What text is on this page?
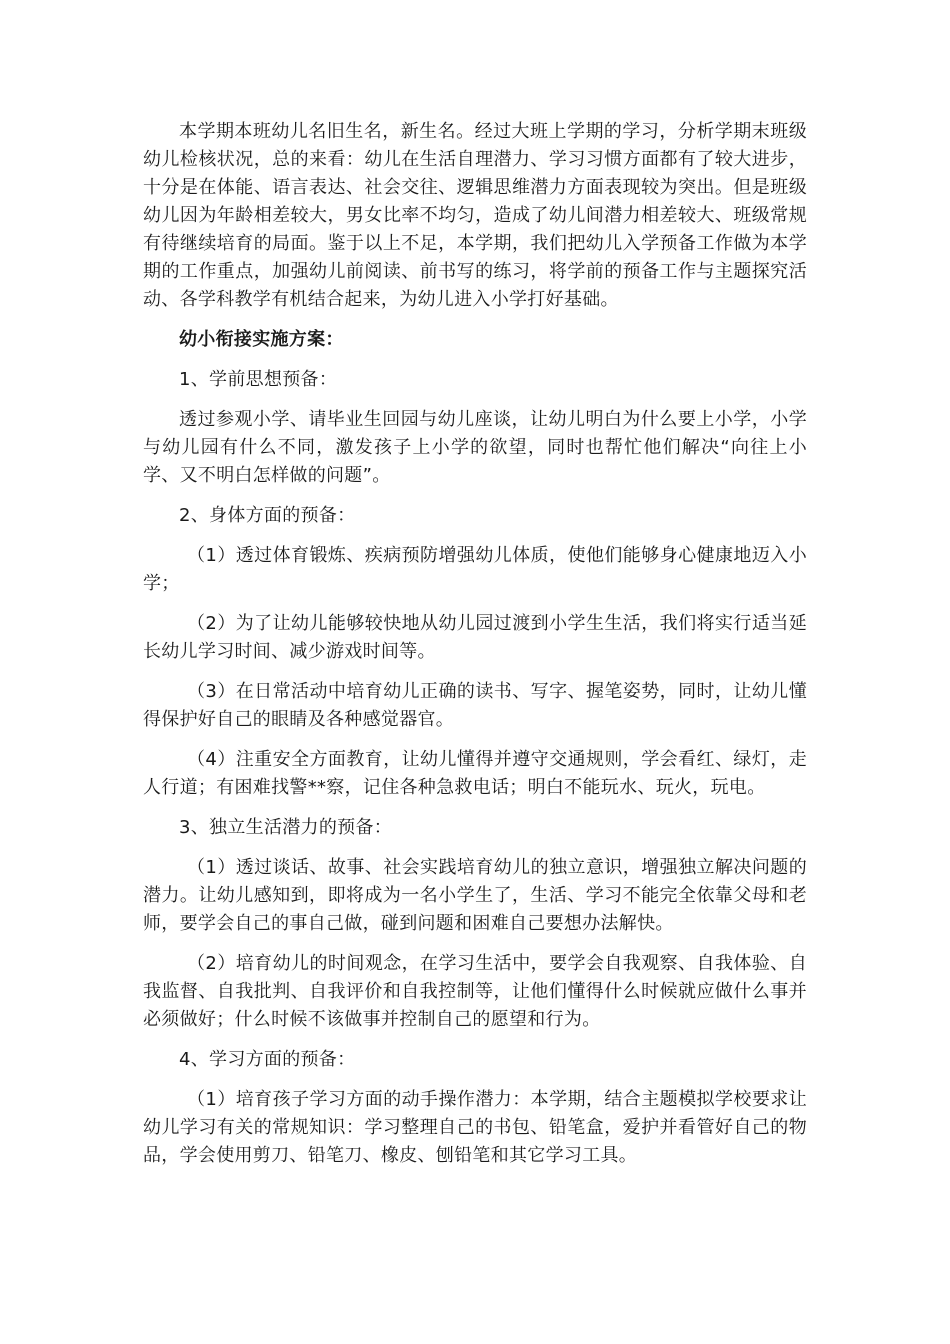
本学期本班幼儿名旧生名，新生名。经过大班上学期的学习，分析学期末班级幼儿检核状况，总的来看：幼儿在生活自理潜力、学习习惯方面都有了较大进步，十分是在体能、语言表达、社会交往、逻辑思维潜力方面表现较为突出。但是班级幼儿因为年龄相差较大，男女比率不均匀，造成了幼儿间潜力相差较大、班级常规有待继续培育的局面。鉴于以上不足，本学期，我们把幼儿入学预备工作做为本学期的工作重点，加强幼儿前阅读、前书写的练习，将学前的预备工作与主题探究活动、各学科教学有机结合起来，为幼儿进入小学打好基础。

幼小衔接实施方案：

1、学前思想预备：

透过参观小学、请毕业生回园与幼儿座谈，让幼儿明白为什么要上小学，小学与幼儿园有什么不同，激发孩子上小学的欲望，同时也帮忙他们解决“向往上小学、又不明白怎样做的问题”。

2、身体方面的预备：

（1）透过体育锻炼、疾病预防增强幼儿体质，使他们能够身心健康地迈入小学；

（2）为了让幼儿能够较快地从幼儿园过渡到小学生生活，我们将实行适当延长幼儿学习时间、减少游戏时间等。

（3）在日常活动中培育幼儿正确的读书、写字、握笔姿势，同时，让幼儿懂得保护好自己的眼睛及各种感觉器官。

（4）注重安全方面教育，让幼儿懂得并遵守交通规则，学会看红、绿灯，走人行道；有困难找警**察，记住各种急救电话；明白不能玩水、玩火，玩电。

3、独立生活潜力的预备：

（1）透过谈话、故事、社会实践培育幼儿的独立意识，增强独立解决问题的潜力。让幼儿感知到，即将成为一名小学生了，生活、学习不能完全依靠父母和老师，要学会自己的事自己做，碰到问题和困难自己要想办法解快。

（2）培育幼儿的时间观念，在学习生活中，要学会自我观察、自我体验、自我监督、自我批判、自我评价和自我控制等，让他们懂得什么时候就应做什么事并必须做好；什么时候不该做事并控制自己的愿望和行为。

4、学习方面的预备：

（1）培育孩子学习方面的动手操作潜力：本学期，结合主题模拟学校要求让幼儿学习有关的常规知识：学习整理自己的书包、铅笔盒，爱护并看管好自己的物品，学会使用剪刀、铅笔刀、橡皮、刨铅笔和其它学习工具。
